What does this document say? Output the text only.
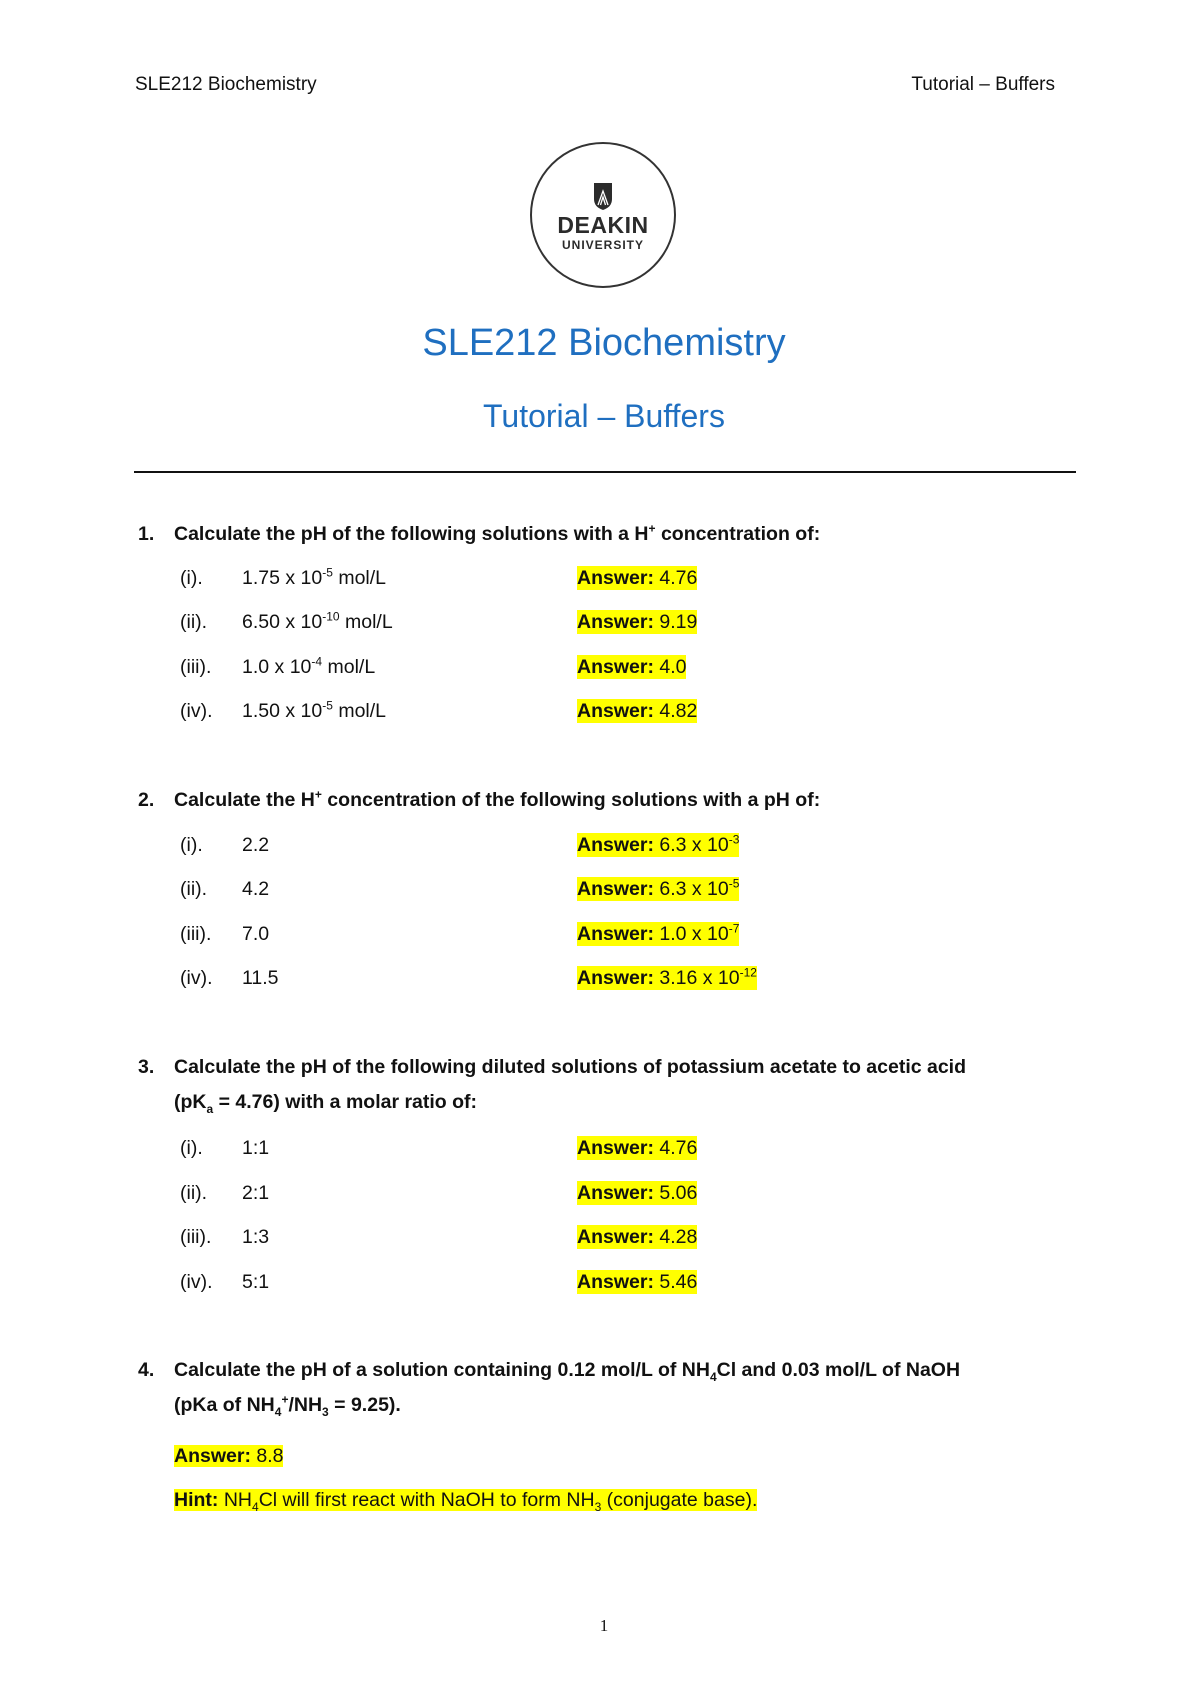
SLE212 Biochemistry	Tutorial – Buffers
DEAKIN
UNIVERSITY
SLE212 Biochemistry
Tutorial – Buffers
1. Calculate the pH of the following solutions with a H+ concentration of:
(i). 1.75 x $10^{-5}$ mol/L	Answer: 4.76
(ii). 6.50 x $10^{-10}$ mol/L	Answer: 9.19
(iii). 1.0 x $10^{-4}$ mol/L	Answer: 4.0
(iv). 1.50 x $10^{-5}$ mol/L	Answer: 4.82
2. Calculate the H+ concentration of the following solutions with a pH of:
(i). 2.2	Answer: 6.3 x $10^{-3}$
(ii). 4.2	Answer: 6.3 x $10^{-5}$
(iii). 7.0	Answer: 1.0 x $10^{-7}$
(iv). 11.5	Answer: 3.16 x $10^{-12}$
3. Calculate the pH of the following diluted solutions of potassium acetate to acetic acid
$(pK_a = 4.76)$ with a molar ratio of:
(i). 1:1	Answer: 4.76
(ii). 2:1	Answer: 5.06
(iii). 1:3	Answer: 4.28
(iv). 5:1	Answer: 5.46
4. Calculate the pH of a solution containing 0.12 mol/L of $NH_4Cl$ and 0.03 mol/L of NaOH
(pKa of $NH_4^+/NH_3 = 9.25$).
Answer: 8.8
Hint: $NH_4Cl$ will first react with NaOH to form $NH_3$ (conjugate base).
1
